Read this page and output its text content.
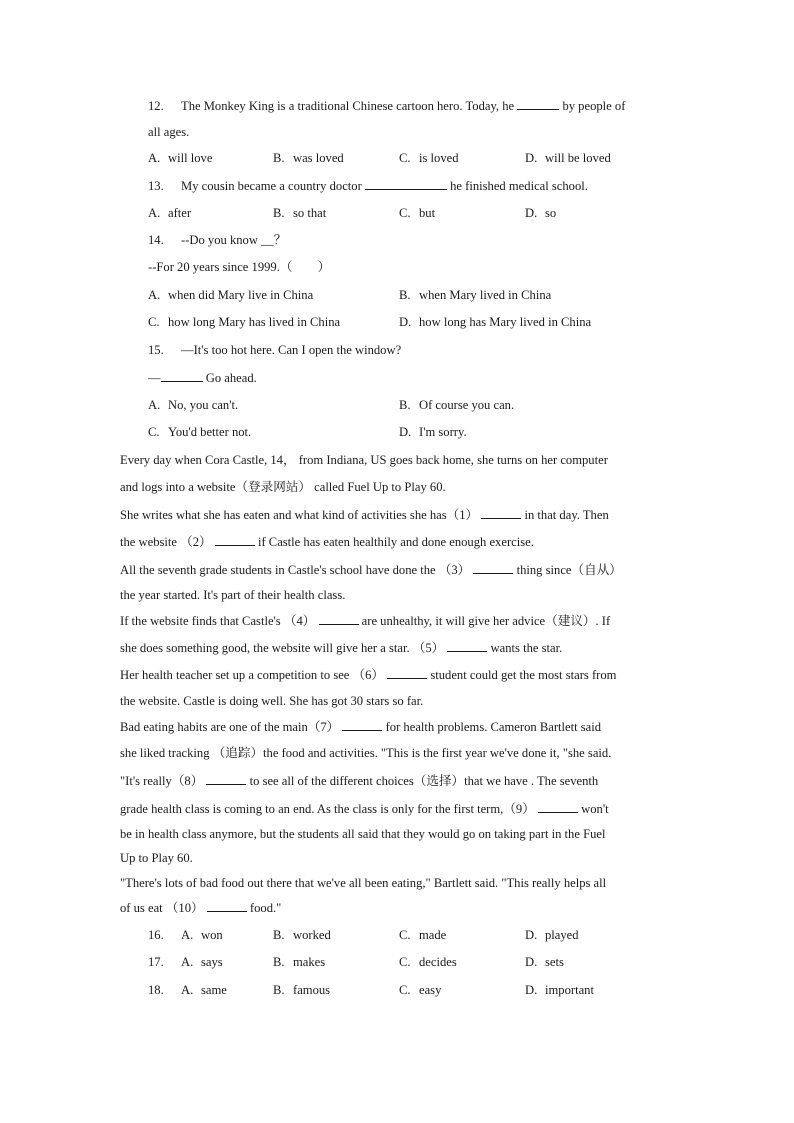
12. The Monkey King is a traditional Chinese cartoon hero. Today, he	by people of
all ages.
A. will love	B. was loved	C. is loved	D. will be loved
13. My cousin became a country doctor	he finished medical school.
A. after	B. so that	C. but	D. so
14. --Do you know __？
--For 20 years since 1999.（　　）
A. when did Mary live in China	B. when Mary lived in China
C. how long Mary has lived in China	D. how long has Mary lived in China
15. —It's too hot here. Can I open the window?
—	Go ahead.
A. No, you can't.	B. Of course you can.
C. You'd better not.	D. I'm sorry.
Every day when Cora Castle, 14， from Indiana, US goes back home, she turns on her computer
and logs into a website（登录网站） called Fuel Up to Play 60.
She writes what she has eaten and what kind of activities she has（1）	in that day. Then
the website （2）	if Castle has eaten healthily and done enough exercise.
All the seventh grade students in Castle's school have done the （3）	thing since（自从）
the year started. It's part of their health class.
If the website finds that Castle's （4）	are unhealthy, it will give her advice（建议）. If
she does something good, the website will give her a star. （5）	wants the star.
Her health teacher set up a competition to see （6）	student could get the most stars from
the website. Castle is doing well. She has got 30 stars so far.
Bad eating habits are one of the main（7）	for health problems. Cameron Bartlett said
she liked tracking （追踪）the food and activities. "This is the first year we've done it, "she said.
"It's really（8）	to see all of the different choices（选择）that we have . The seventh
grade health class is coming to an end. As the class is only for the first term,（9）	won't
be in health class anymore, but the students all said that they would go on taking part in the Fuel
Up to Play 60.
"There's lots of bad food out there that we've all been eating," Bartlett said. "This really helps all
of us eat （10）	food."
16.	A. won	B. worked	C. made	D. played
17.	A. says	B. makes	C. decides	D. sets
18.	A. same	B. famous	C. easy	D. important
